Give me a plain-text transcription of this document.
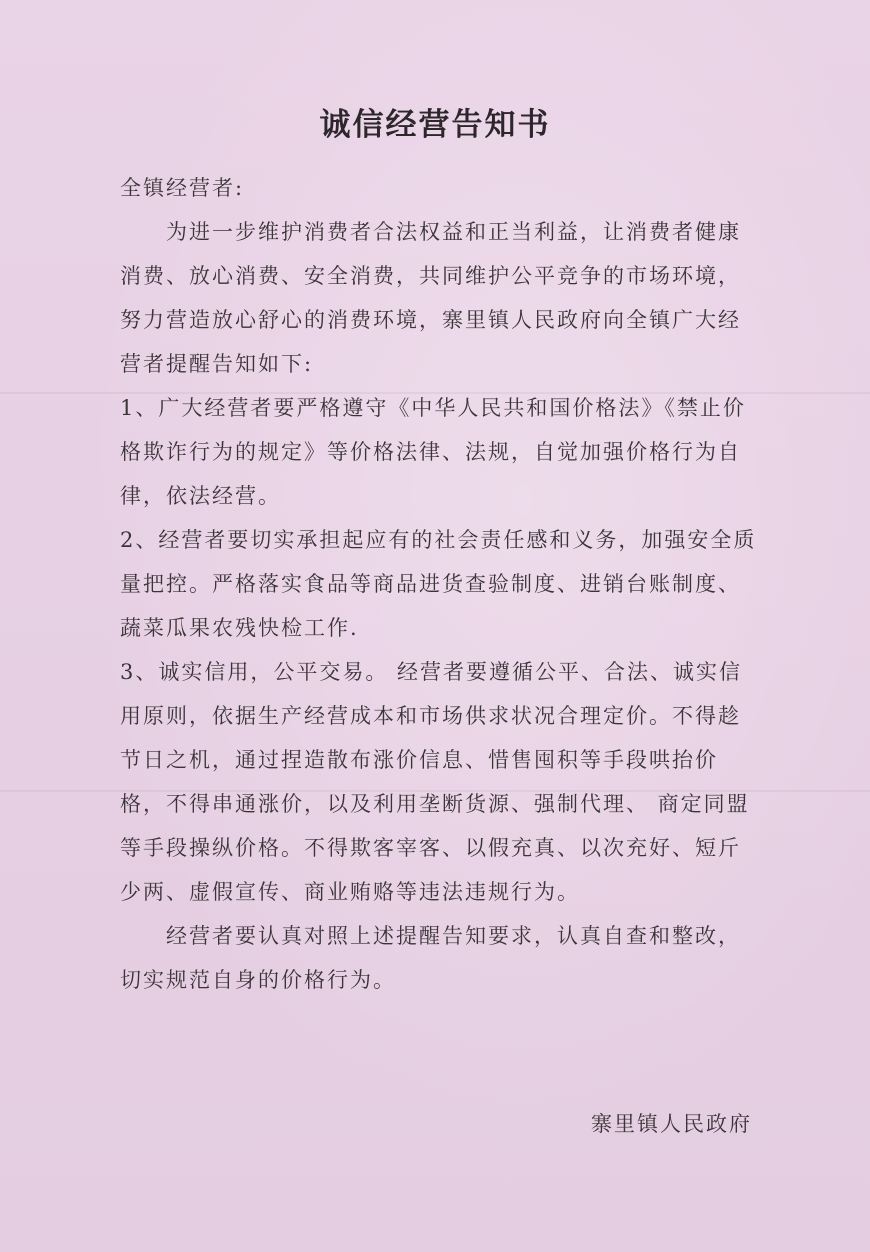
诚信经营告知书

全镇经营者:

为进一步维护消费者合法权益和正当利益，让消费者健康消费、放心消费、安全消费，共同维护公平竞争的市场环境，努力营造放心舒心的消费环境，寨里镇人民政府向全镇广大经营者提醒告知如下:

1、广大经营者要严格遵守《中华人民共和国价格法》《禁止价格欺诈行为的规定》等价格法律、法规，自觉加强价格行为自律，依法经营。

2、经营者要切实承担起应有的社会责任感和义务，加强安全质量把控。严格落实食品等商品进货查验制度、进销台账制度、蔬菜瓜果农残快检工作.

3、诚实信用，公平交易。 经营者要遵循公平、合法、诚实信用原则，依据生产经营成本和市场供求状况合理定价。不得趁节日之机，通过捏造散布涨价信息、惜售囤积等手段哄抬价格，不得串通涨价，以及利用垄断货源、强制代理、 商定同盟等手段操纵价格。不得欺客宰客、以假充真、以次充好、短斤少两、虚假宣传、商业贿赂等违法违规行为。

经营者要认真对照上述提醒告知要求，认真自查和整改，切实规范自身的价格行为。

寨里镇人民政府
